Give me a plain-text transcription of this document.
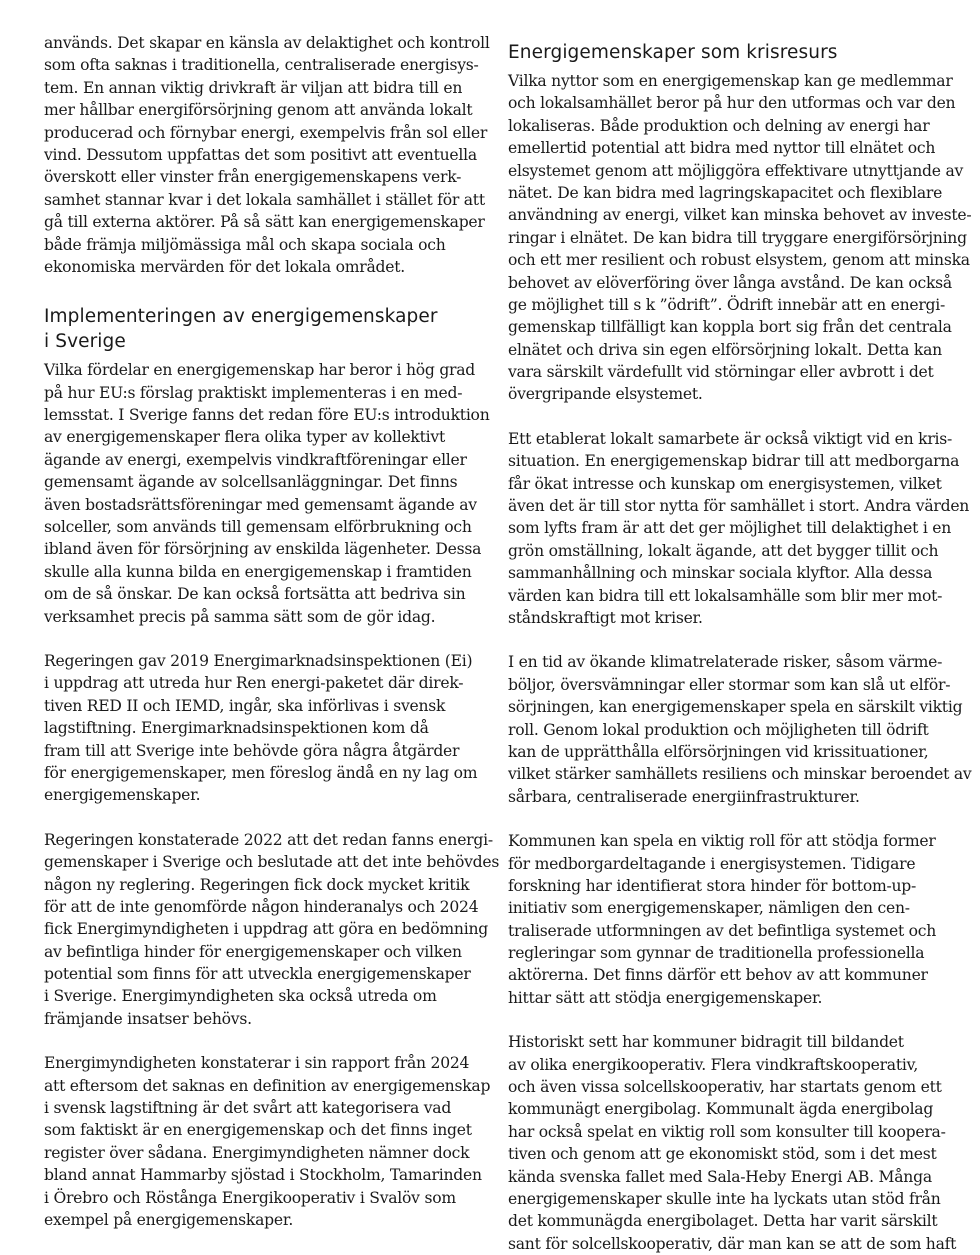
används. Det skapar en känsla av delaktighet och kontroll
som ofta saknas i traditionella, centraliserade energisys-
tem. En annan viktig drivkraft är viljan att bidra till en
mer hållbar energiförsörjning genom att använda lokalt
producerad och förnybar energi, exempelvis från sol eller
vind. Dessutom uppfattas det som positivt att eventuella
överskott eller vinster från energigemenskapens verk-
samhet stannar kvar i det lokala samhället i stället för att
gå till externa aktörer. På så sätt kan energigemenskaper
både främja miljömässiga mål och skapa sociala och
ekonomiska mervärden för det lokala området.
Implementeringen av energigemenskaper
i Sverige
Vilka fördelar en energigemenskap har beror i hög grad
på hur EU:s förslag praktiskt implementeras i en med-
lemsstat. I Sverige fanns det redan före EU:s introduktion
av energigemenskaper flera olika typer av kollektivt
ägande av energi, exempelvis vindkraftföreningar eller
gemensamt ägande av solcellsanläggningar. Det finns
även bostadsrättsföreningar med gemensamt ägande av
solceller, som används till gemensam elförbrukning och
ibland även för försörjning av enskilda lägenheter. Dessa
skulle alla kunna bilda en energigemenskap i framtiden
om de så önskar. De kan också fortsätta att bedriva sin
verksamhet precis på samma sätt som de gör idag.
Regeringen gav 2019 Energimarknadsinspektionen (Ei)
i uppdrag att utreda hur Ren energi-paketet där direk-
tiven RED II och IEMD, ingår, ska införlivas i svensk
lagstiftning. Energimarknadsinspektionen kom då
fram till att Sverige inte behövde göra några åtgärder
för energigemenskaper, men föreslog ändå en ny lag om
energigemenskaper.
Regeringen konstaterade 2022 att det redan fanns energi-
gemenskaper i Sverige och beslutade att det inte behövdes
någon ny reglering. Regeringen fick dock mycket kritik
för att de inte genomförde någon hinderanalys och 2024
fick Energimyndigheten i uppdrag att göra en bedömning
av befintliga hinder för energigemenskaper och vilken
potential som finns för att utveckla energigemenskaper
i Sverige. Energimyndigheten ska också utreda om
främjande insatser behövs.
Energimyndigheten konstaterar i sin rapport från 2024
att eftersom det saknas en definition av energigemenskap
i svensk lagstiftning är det svårt att kategorisera vad
som faktiskt är en energigemenskap och det finns inget
register över sådana. Energimyndigheten nämner dock
bland annat Hammarby sjöstad i Stockholm, Tamarinden
i Örebro och Röstånga Energikooperativ i Svalöv som
exempel på energigemenskaper.
Energigemenskaper som krisresurs
Vilka nyttor som en energigemenskap kan ge medlemmar
och lokalsamhället beror på hur den utformas och var den
lokaliseras. Både produktion och delning av energi har
emellertid potential att bidra med nyttor till elnätet och
elsystemet genom att möjliggöra effektivare utnyttjande av
nätet. De kan bidra med lagringskapacitet och flexiblare
användning av energi, vilket kan minska behovet av investe-
ringar i elnätet. De kan bidra till tryggare energiförsörjning
och ett mer resilient och robust elsystem, genom att minska
behovet av elöverföring över långa avstånd. De kan också
ge möjlighet till s k ”ödrift”. Ödrift innebär att en energi-
gemenskap tillfälligt kan koppla bort sig från det centrala
elnätet och driva sin egen elförsörjning lokalt. Detta kan
vara särskilt värdefullt vid störningar eller avbrott i det
övergripande elsystemet.
Ett etablerat lokalt samarbete är också viktigt vid en kris-
situation. En energigemenskap bidrar till att medborgarna
får ökat intresse och kunskap om energisystemen, vilket
även det är till stor nytta för samhället i stort. Andra värden
som lyfts fram är att det ger möjlighet till delaktighet i en
grön omställning, lokalt ägande, att det bygger tillit och
sammanhållning och minskar sociala klyftor. Alla dessa
värden kan bidra till ett lokalsamhälle som blir mer mot-
ståndskraftigt mot kriser.
I en tid av ökande klimatrelaterade risker, såsom värme-
böljor, översvämningar eller stormar som kan slå ut elför-
sörjningen, kan energigemenskaper spela en särskilt viktig
roll. Genom lokal produktion och möjligheten till ödrift
kan de upprätthålla elförsörjningen vid krissituationer,
vilket stärker samhällets resiliens och minskar beroendet av
sårbara, centraliserade energiinfrastrukturer.
Kommunen kan spela en viktig roll för att stödja former
för medborgardeltagande i energisystemen. Tidigare
forskning har identifierat stora hinder för bottom-up-
initiativ som energigemenskaper, nämligen den cen-
traliserade utformningen av det befintliga systemet och
regleringar som gynnar de traditionella professionella
aktörerna. Det finns därför ett behov av att kommuner
hittar sätt att stödja energigemenskaper.
Historiskt sett har kommuner bidragit till bildandet
av olika energikooperativ. Flera vindkraftskooperativ,
och även vissa solcellskooperativ, har startats genom ett
kommunägt energibolag. Kommunalt ägda energibolag
har också spelat en viktig roll som konsulter till koopera-
tiven och genom att ge ekonomiskt stöd, som i det mest
kända svenska fallet med Sala-Heby Energi AB. Många
energigemenskaper skulle inte ha lyckats utan stöd från
det kommunägda energibolaget. Detta har varit särskilt
sant för solcellskooperativ, där man kan se att de som haft
